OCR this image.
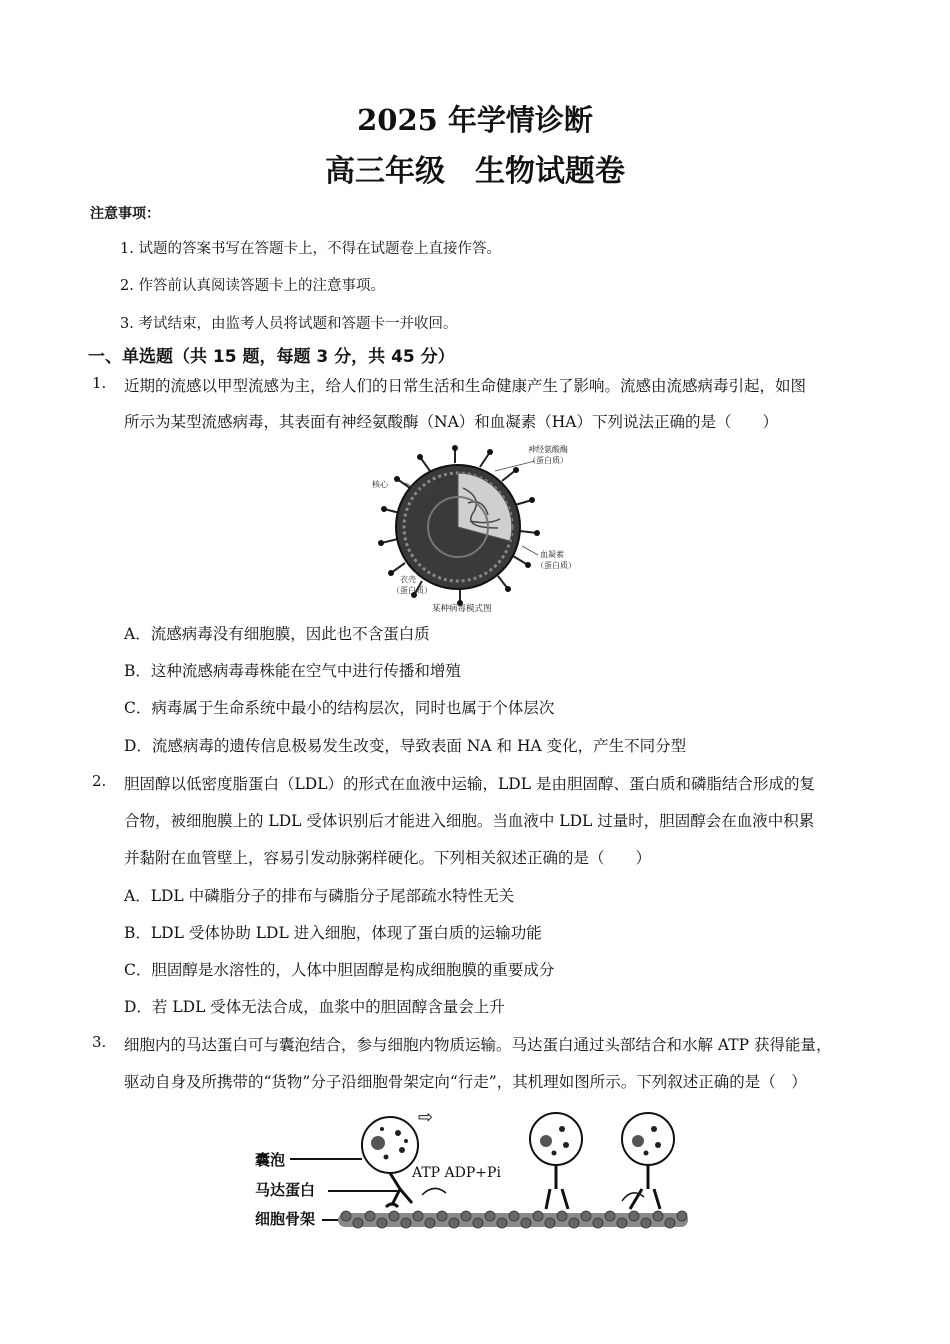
2025 年学情诊断
高三年级　生物试题卷
注意事项：
1. 试题的答案书写在答题卡上，不得在试题卷上直接作答。
2. 作答前认真阅读答题卡上的注意事项。
3. 考试结束，由监考人员将试题和答题卡一并收回。
一、单选题（共 15 题，每题 3 分，共 45 分）
1. 近期的流感以甲型流感为主，给人们的日常生活和生命健康产生了影响。流感由流感病毒引起，如图
所示为某型流感病毒，其表面有神经氨酸酶（NA）和血凝素（HA）下列说法正确的是（　　）
神经氨酸酶
（蛋白质）
核心
血凝素
（蛋白质）
衣壳
（蛋白质）
某种病毒模式图
A．流感病毒没有细胞膜，因此也不含蛋白质
B．这种流感病毒毒株能在空气中进行传播和增殖
C．病毒属于生命系统中最小的结构层次，同时也属于个体层次
D．流感病毒的遗传信息极易发生改变，导致表面 NA 和 HA 变化，产生不同分型
2. 胆固醇以低密度脂蛋白（LDL）的形式在血液中运输，LDL 是由胆固醇、蛋白质和磷脂结合形成的复
合物，被细胞膜上的 LDL 受体识别后才能进入细胞。当血液中 LDL 过量时，胆固醇会在血液中积累
并黏附在血管壁上，容易引发动脉粥样硬化。下列相关叙述正确的是（　　）
A．LDL 中磷脂分子的排布与磷脂分子尾部疏水特性无关
B．LDL 受体协助 LDL 进入细胞，体现了蛋白质的运输功能
C．胆固醇是水溶性的，人体中胆固醇是构成细胞膜的重要成分
D．若 LDL 受体无法合成，血浆中的胆固醇含量会上升
3. 细胞内的马达蛋白可与囊泡结合，参与细胞内物质运输。马达蛋白通过头部结合和水解 ATP 获得能量，
驱动自身及所携带的“货物”分子沿细胞骨架定向“行走”，其机理如图所示。下列叙述正确的是（　）
囊泡
马达蛋白
细胞骨架
⇨
ATP ADP+Pi
